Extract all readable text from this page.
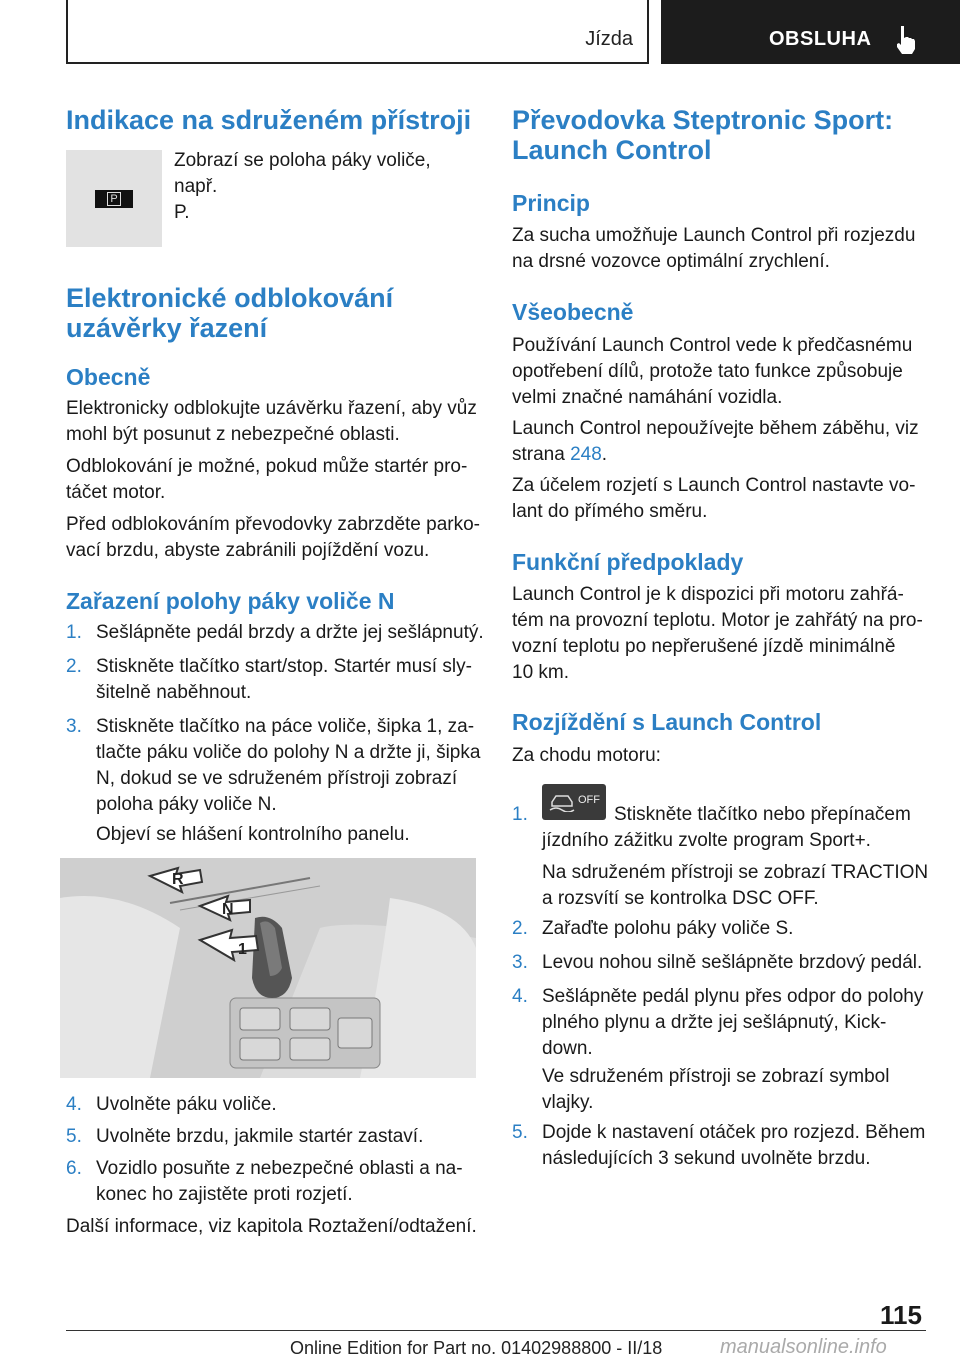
Jízda	OBSLUHA
Indikace na sdruženém přístroji
P

Zobrazí se poloha páky voliče, např.
P.

Elektronické odblokování
uzávěrky řazení
Obecně

Elektronicky odblokujte uzávěrku řazení, aby vůz

mohl být posunut z nebezpečné oblasti.

Odblokování je možné, pokud může startér pro‐

táčet motor.

Před odblokováním převodovky zabrzděte parko‐

vací brzdu, abyste zabránili pojíždění vozu.

Zařazení polohy páky voliče N
1. Sešlápněte pedál brzdy a držte jej sešlápnutý.
2. Stiskněte tlačítko start/stop. Startér musí sly‐
šitelně naběhnout.
3. Stiskněte tlačítko na páce voliče, šipka 1, za‐
tlačte páku voliče do polohy N a držte ji, šipka
N, dokud se ve sdruženém přístroji zobrazí
poloha páky voliče N.
Objeví se hlášení kontrolního panelu.
R
N
1
4. Uvolněte páku voliče.
5. Uvolněte brzdu, jakmile startér zastaví.
6. Vozidlo posuňte z nebezpečné oblasti a na‐
konec ho zajistěte proti rozjetí.

Další informace, viz kapitola Roztažení/odtažení.

Převodovka Steptronic Sport:
Launch Control
Princip

Za sucha umožňuje Launch Control při rozjezdu

na drsné vozovce optimální zrychlení.

Všeobecně

Používání Launch Control vede k předčasnému

opotřebení dílů, protože tato funkce způsobuje

velmi značné namáhání vozidla.

Launch Control nepoužívejte během záběhu, viz

strana 248.

Za účelem rozjetí s Launch Control nastavte vo‐

lant do přímého směru.

Funkční předpoklady

Launch Control je k dispozici při motoru zahřá‐

tém na provozní teplotu. Motor je zahřátý na pro‐

vozní teplotu po nepřerušené jízdě minimálně

10 km.

Rozjíždění s Launch Control

Za chodu motoru:

1.
OFF
Stiskněte tlačítko nebo přepínačem
jízdního zážitku zvolte program Sport+.
Na sdruženém přístroji se zobrazí TRACTION
a rozsvítí se kontrolka DSC OFF.
2. Zařaďte polohu páky voliče S.
3. Levou nohou silně sešlápněte brzdový pedál.
4. Sešlápněte pedál plynu přes odpor do polohy
plného plynu a držte jej sešlápnutý, Kick‐
down.
Ve sdruženém přístroji se zobrazí symbol
vlajky.
5. Dojde k nastavení otáček pro rozjezd. Během
následujících 3 sekund uvolněte brzdu.
115
Online Edition for Part no. 01402988800 - II/18	manualsonline.info
